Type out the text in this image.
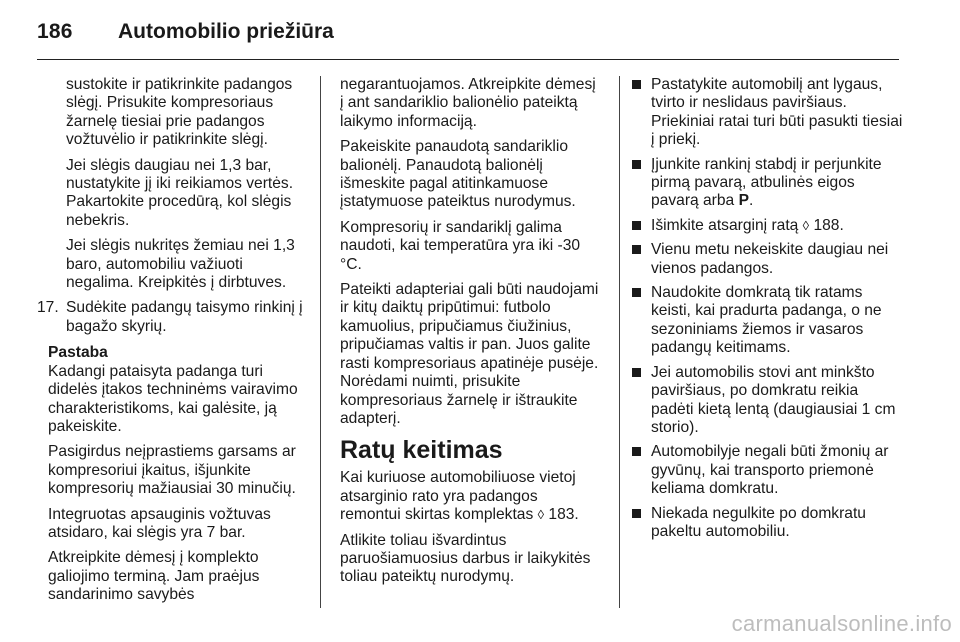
186 Automobilio priežiūra

sustokite ir patikrinkite padangos slėgį. Prisukite kompresoriaus žarnelę tiesiai prie padangos vožtuvėlio ir patikrinkite slėgį.

Jei slėgis daugiau nei 1,3 bar, nustatykite jį iki reikiamos vertės. Pakartokite procedūrą, kol slėgis nebekris.

Jei slėgis nukritęs žemiau nei 1,3 baro, automobiliu važiuoti negalima. Kreipkitės į dirbtuves.

17. Sudėkite padangų taisymo rinkinį į bagažo skyrių.

Pastaba

Kadangi pataisyta padanga turi didelės įtakos techninėms vairavimo charakteristikoms, kai galėsite, ją pakeiskite.

Pasigirdus neįprastiems garsams ar kompresoriui įkaitus, išjunkite kompresorių mažiausiai 30 minučių.

Integruotas apsauginis vožtuvas atsidaro, kai slėgis yra 7 bar.

Atkreipkite dėmesį į komplekto galiojimo terminą. Jam praėjus sandarinimo savybės

negarantuojamos. Atkreipkite dėmesį į ant sandariklio balionėlio pateiktą laikymo informaciją.

Pakeiskite panaudotą sandariklio balionėlį. Panaudotą balionėlį išmeskite pagal atitinkamuose įstatymuose pateiktus nurodymus.

Kompresorių ir sandariklį galima naudoti, kai temperatūra yra iki -30 °C.

Pateikti adapteriai gali būti naudojami ir kitų daiktų pripūtimui: futbolo kamuolius, pripučiamus čiužinius, pripučiamas valtis ir pan. Juos galite rasti kompresoriaus apatinėje pusėje. Norėdami nuimti, prisukite kompresoriaus žarnelę ir ištraukite adapterį.

Ratų keitimas

Kai kuriuose automobiliuose vietoj atsarginio rato yra padangos remontui skirtas komplektas ◊ 183.

Atlikite toliau išvardintus paruošiamuosius darbus ir laikykitės toliau pateiktų nurodymų.

Pastatykite automobilį ant lygaus, tvirto ir neslidaus paviršiaus. Priekiniai ratai turi būti pasukti tiesiai į priekį.
Įjunkite rankinį stabdį ir perjunkite pirmą pavarą, atbulinės eigos pavarą arba P.
Išimkite atsarginį ratą ◊ 188.
Vienu metu nekeiskite daugiau nei vienos padangos.
Naudokite domkratą tik ratams keisti, kai pradurta padanga, o ne sezoniniams žiemos ir vasaros padangų keitimams.
Jei automobilis stovi ant minkšto paviršiaus, po domkratu reikia padėti kietą lentą (daugiausiai 1 cm storio).
Automobilyje negali būti žmonių ar gyvūnų, kai transporto priemonė keliama domkratu.
Niekada negulkite po domkratu pakeltu automobiliu.
carmanualsonline.info
